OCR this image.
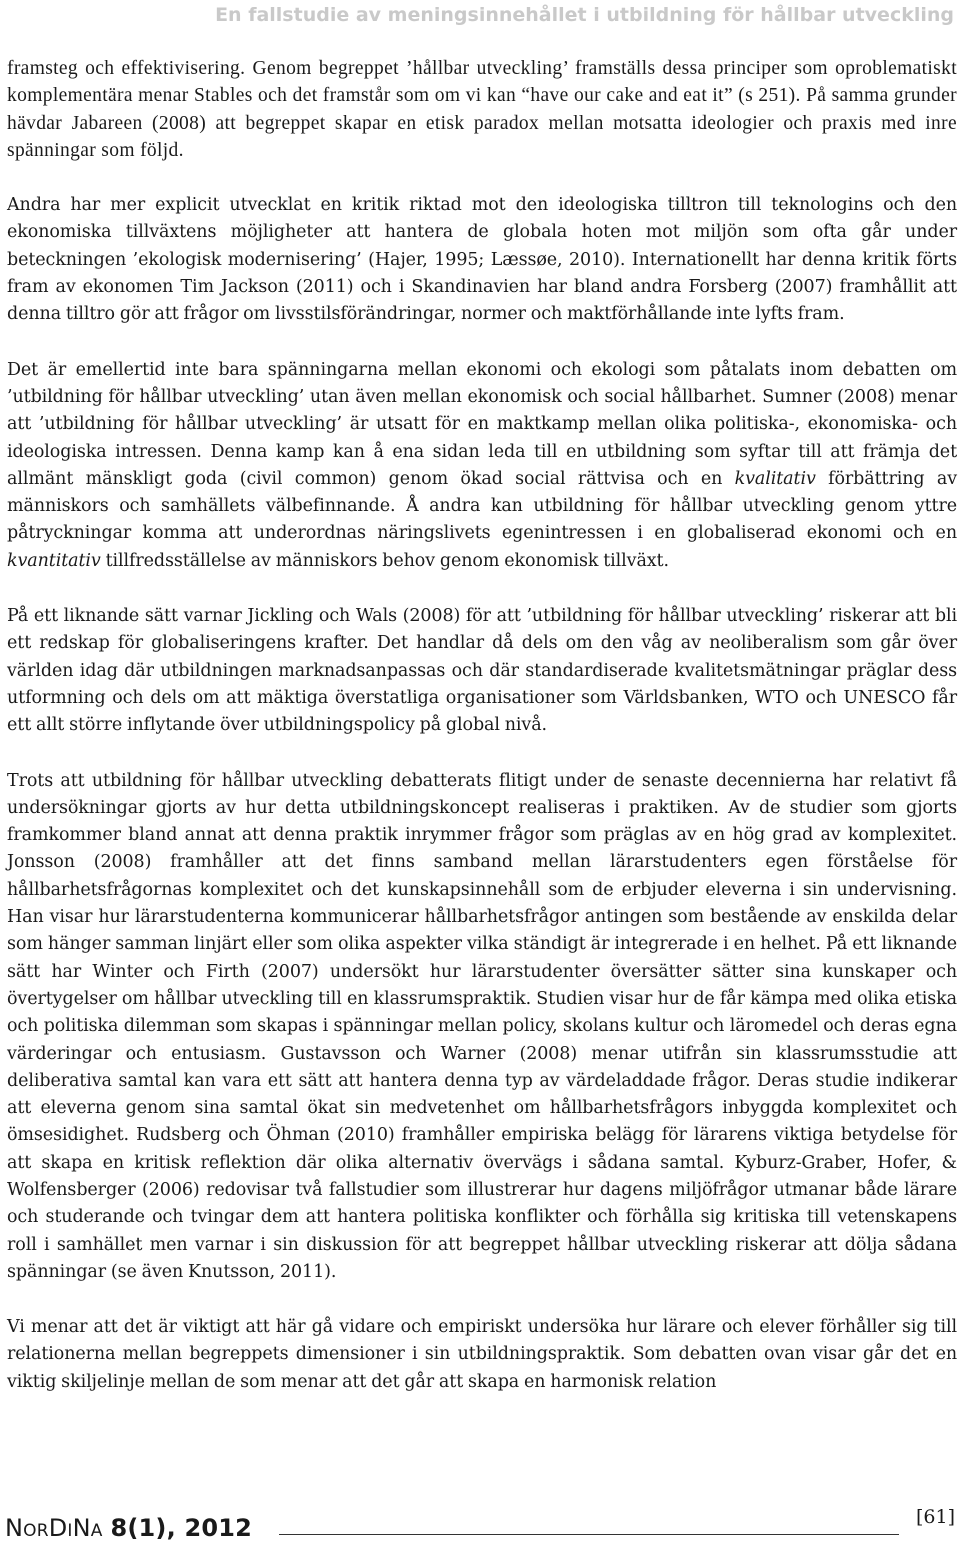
En fallstudie av meningsinnehållet i utbildning för hållbar utveckling

framsteg och effektivisering. Genom begreppet ’hållbar utveckling’ framställs dessa principer som oproblematiskt komplementära menar Stables och det framstår som om vi kan “have our cake and eat it” (s 251). På samma grunder hävdar Jabareen (2008) att begreppet skapar en etisk paradox mellan motsatta ideologier och praxis med inre spänningar som följd.

Andra har mer explicit utvecklat en kritik riktad mot den ideologiska tilltron till teknologins och den ekonomiska tillväxtens möjligheter att hantera de globala hoten mot miljön som ofta går under beteckningen ’ekologisk modernisering’ (Hajer, 1995; Læssøe, 2010). Internationellt har denna kritik förts fram av ekonomen Tim Jackson (2011) och i Skandinavien har bland andra Forsberg (2007) framhållit att denna tilltro gör att frågor om livsstilsförändringar, normer och maktförhållande inte lyfts fram.

Det är emellertid inte bara spänningarna mellan ekonomi och ekologi som påtalats inom debatten om ’utbildning för hållbar utveckling’ utan även mellan ekonomisk och social hållbarhet. Sumner (2008) menar att ’utbildning för hållbar utveckling’ är utsatt för en maktkamp mellan olika politiska-, ekonomiska- och ideologiska intressen. Denna kamp kan å ena sidan leda till en utbildning som syftar till att främja det allmänt mänskligt goda (civil common) genom ökad social rättvisa och en kvalitativ förbättring av människors och samhällets välbefinnande. Å andra kan utbildning för hållbar utveckling genom yttre påtryckningar komma att underordnas näringslivets egenintressen i en globaliserad ekonomi och en kvantitativ tillfredsställelse av människors behov genom ekonomisk tillväxt.

På ett liknande sätt varnar Jickling och Wals (2008) för att ’utbildning för hållbar utveckling’ riskerar att bli ett redskap för globaliseringens krafter. Det handlar då dels om den våg av neoliberalism som går över världen idag där utbildningen marknadsanpassas och där standardiserade kvalitetsmätningar präglar dess utformning och dels om att mäktiga överstatliga organisationer som Världsbanken, WTO och UNESCO får ett allt större inflytande över utbildningspolicy på global nivå.

Trots att utbildning för hållbar utveckling debatterats flitigt under de senaste decennierna har relativt få undersökningar gjorts av hur detta utbildningskoncept realiseras i praktiken. Av de studier som gjorts framkommer bland annat att denna praktik inrymmer frågor som präglas av en hög grad av komplexitet. Jonsson (2008) framhåller att det finns samband mellan lärarstudenters egen förståelse för hållbarhetsfrågornas komplexitet och det kunskapsinnehåll som de erbjuder eleverna i sin undervisning. Han visar hur lärarstudenterna kommunicerar hållbarhetsfrågor antingen som bestående av enskilda delar som hänger samman linjärt eller som olika aspekter vilka ständigt är integrerade i en helhet. På ett liknande sätt har Winter och Firth (2007) undersökt hur lärarstudenter översätter sätter sina kunskaper och övertygelser om hållbar utveckling till en klassrumspraktik. Studien visar hur de får kämpa med olika etiska och politiska dilemman som skapas i spänningar mellan policy, skolans kultur och läromedel och deras egna värderingar och entusiasm. Gustavsson och Warner (2008) menar utifrån sin klassrumsstudie att deliberativa samtal kan vara ett sätt att hantera denna typ av värdeladdade frågor. Deras studie indikerar att eleverna genom sina samtal ökat sin medvetenhet om hållbarhetsfrågors inbyggda komplexitet och ömsesidighet. Rudsberg och Öhman (2010) framhåller empiriska belägg för lärarens viktiga betydelse för att skapa en kritisk reflektion där olika alternativ övervägs i sådana samtal. Kyburz-Graber, Hofer, & Wolfensberger (2006) redovisar två fallstudier som illustrerar hur dagens miljöfrågor utmanar både lärare och studerande och tvingar dem att hantera politiska konflikter och förhålla sig kritiska till vetenskapens roll i samhället men varnar i sin diskussion för att begreppet hållbar utveckling riskerar att dölja sådana spänningar (se även Knutsson, 2011).

Vi menar att det är viktigt att här gå vidare och empiriskt undersöka hur lärare och elever förhåller sig till relationerna mellan begreppets dimensioner i sin utbildningspraktik. Som debatten ovan visar går det en viktig skiljelinje mellan de som menar att det går att skapa en harmonisk relation

NorDiNa 8(1), 2012	[61]
